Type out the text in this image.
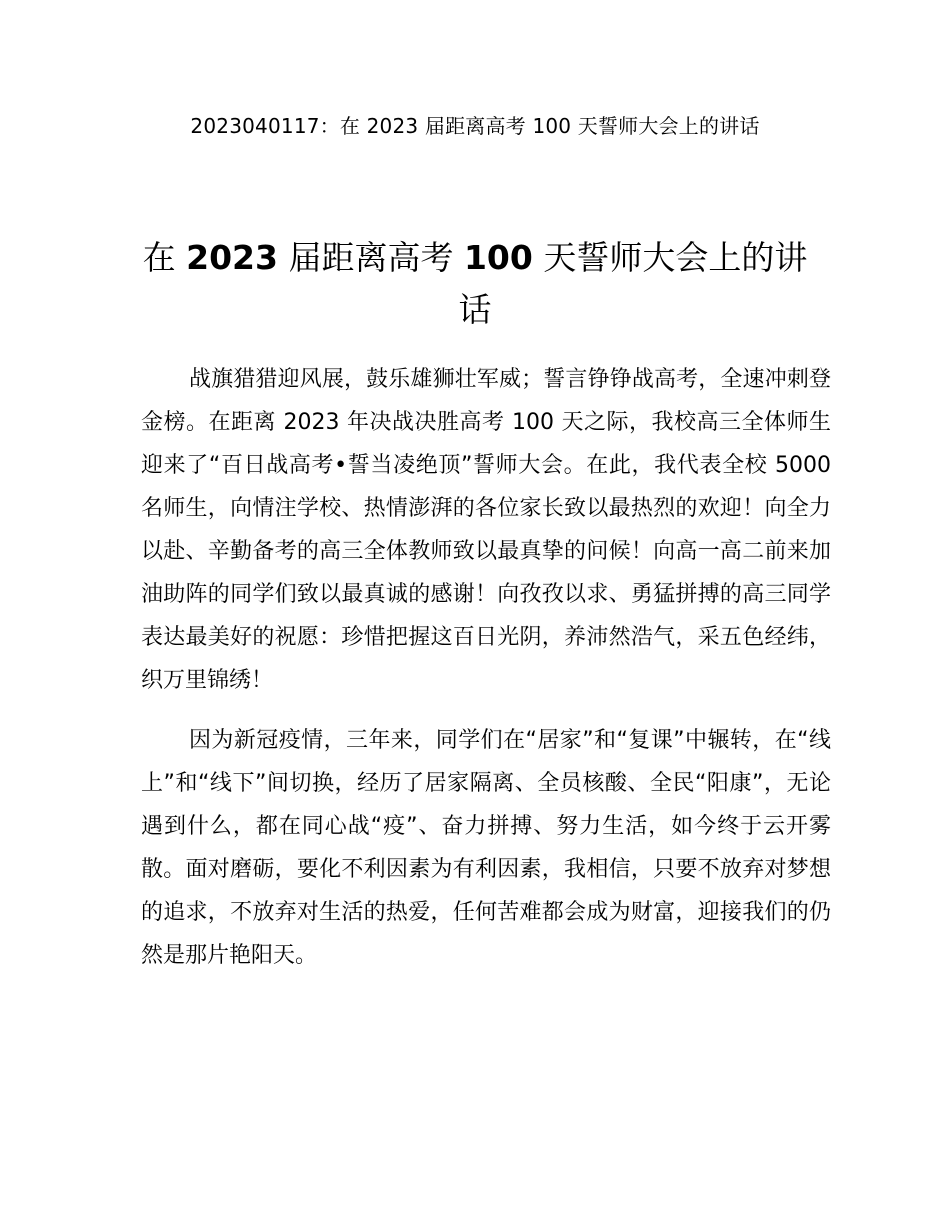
2023040117：在 2023 届距离高考 100 天誓师大会上的讲话
在 2023 届距离高考 100 天誓师大会上的讲话

战旗猎猎迎风展，鼓乐雄狮壮军威；誓言铮铮战高考，全速冲刺登金榜。在距离 2023 年决战决胜高考 100 天之际，我校高三全体师生迎来了“百日战高考•誓当凌绝顶”誓师大会。在此，我代表全校 5000 名师生，向情注学校、热情澎湃的各位家长致以最热烈的欢迎！向全力以赴、辛勤备考的高三全体教师致以最真挚的问候！向高一高二前来加油助阵的同学们致以最真诚的感谢！向孜孜以求、勇猛拼搏的高三同学表达最美好的祝愿：珍惜把握这百日光阴，养沛然浩气，采五色经纬，织万里锦绣！

因为新冠疫情，三年来，同学们在“居家”和“复课”中辗转，在“线上”和“线下”间切换，经历了居家隔离、全员核酸、全民“阳康”，无论遇到什么，都在同心战“疫”、奋力拼搏、努力生活，如今终于云开雾散。面对磨砺，要化不利因素为有利因素，我相信，只要不放弃对梦想的追求，不放弃对生活的热爱，任何苦难都会成为财富，迎接我们的仍然是那片艳阳天。
